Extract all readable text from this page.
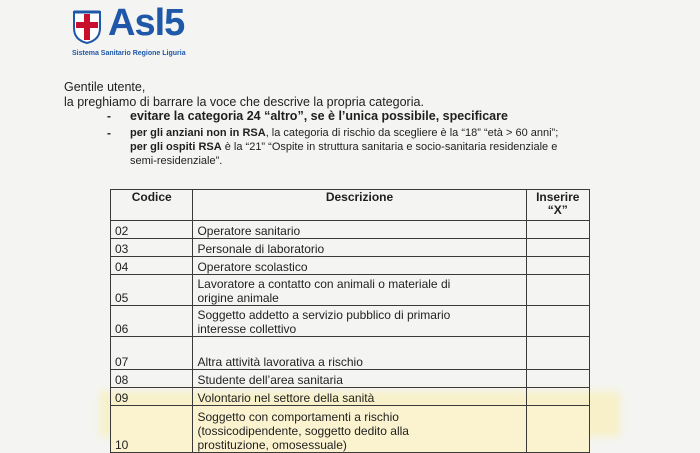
Asl5
Sistema Sanitario Regione Liguria
Gentile utente,
la preghiamo di barrare la voce che descrive la propria categoria.
- evitare la categoria 24 “altro”, se è l’unica possibile, specificare
- per gli anziani non in RSA, la categoria di rischio da scegliere è la “18” “età > 60 anni”;
per gli ospiti RSA è la “21” “Ospite in struttura sanitaria e socio-sanitaria residenziale e
semi-residenziale”.
Codice	Descrizione	Inserire
“X”

02	Operatore sanitario	
03	Personale di laboratorio	
04	Operatore scolastico	
05	Lavoratore a contatto con animali o materiale di
origine animale	

06	Soggetto addetto a servizio pubblico di primario
interesse collettivo	

07	Altra attività lavorativa a rischio	
08	Studente dell’area sanitaria	
09	Volontario nel settore della sanità	
10	Soggetto con comportamenti a rischio
(tossicodipendente, soggetto dedito alla
prostituzione, omosessuale)	
